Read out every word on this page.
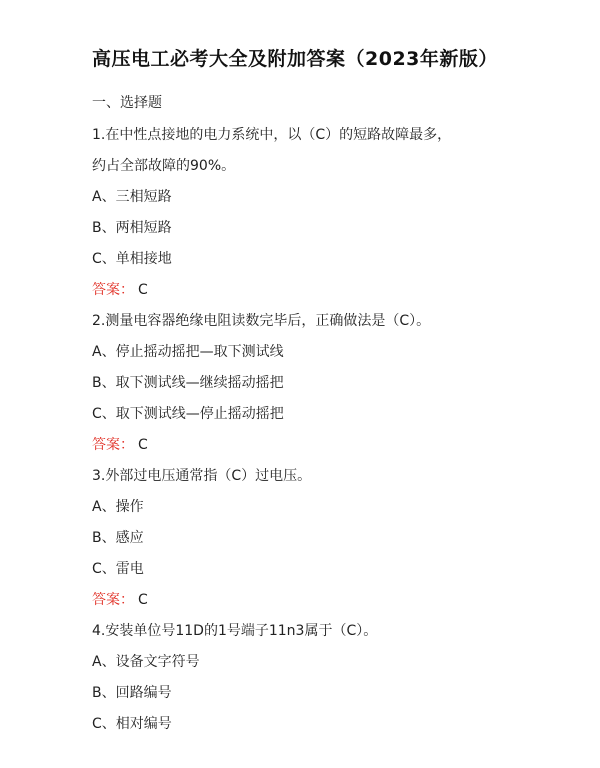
高压电工必考大全及附加答案（2023年新版）
一、选择题
1.在中性点接地的电力系统中，以（C）的短路故障最多，
约占全部故障的90%。
A、三相短路
B、两相短路
C、单相接地
答案： C
2.测量电容器绝缘电阻读数完毕后，正确做法是（C）。
A、停止摇动摇把—取下测试线
B、取下测试线—继续摇动摇把
C、取下测试线—停止摇动摇把
答案： C
3.外部过电压通常指（C）过电压。
A、操作
B、感应
C、雷电
答案： C
4.安装单位号11D的1号端子11n3属于（C）。
A、设备文字符号
B、回路编号
C、相对编号
